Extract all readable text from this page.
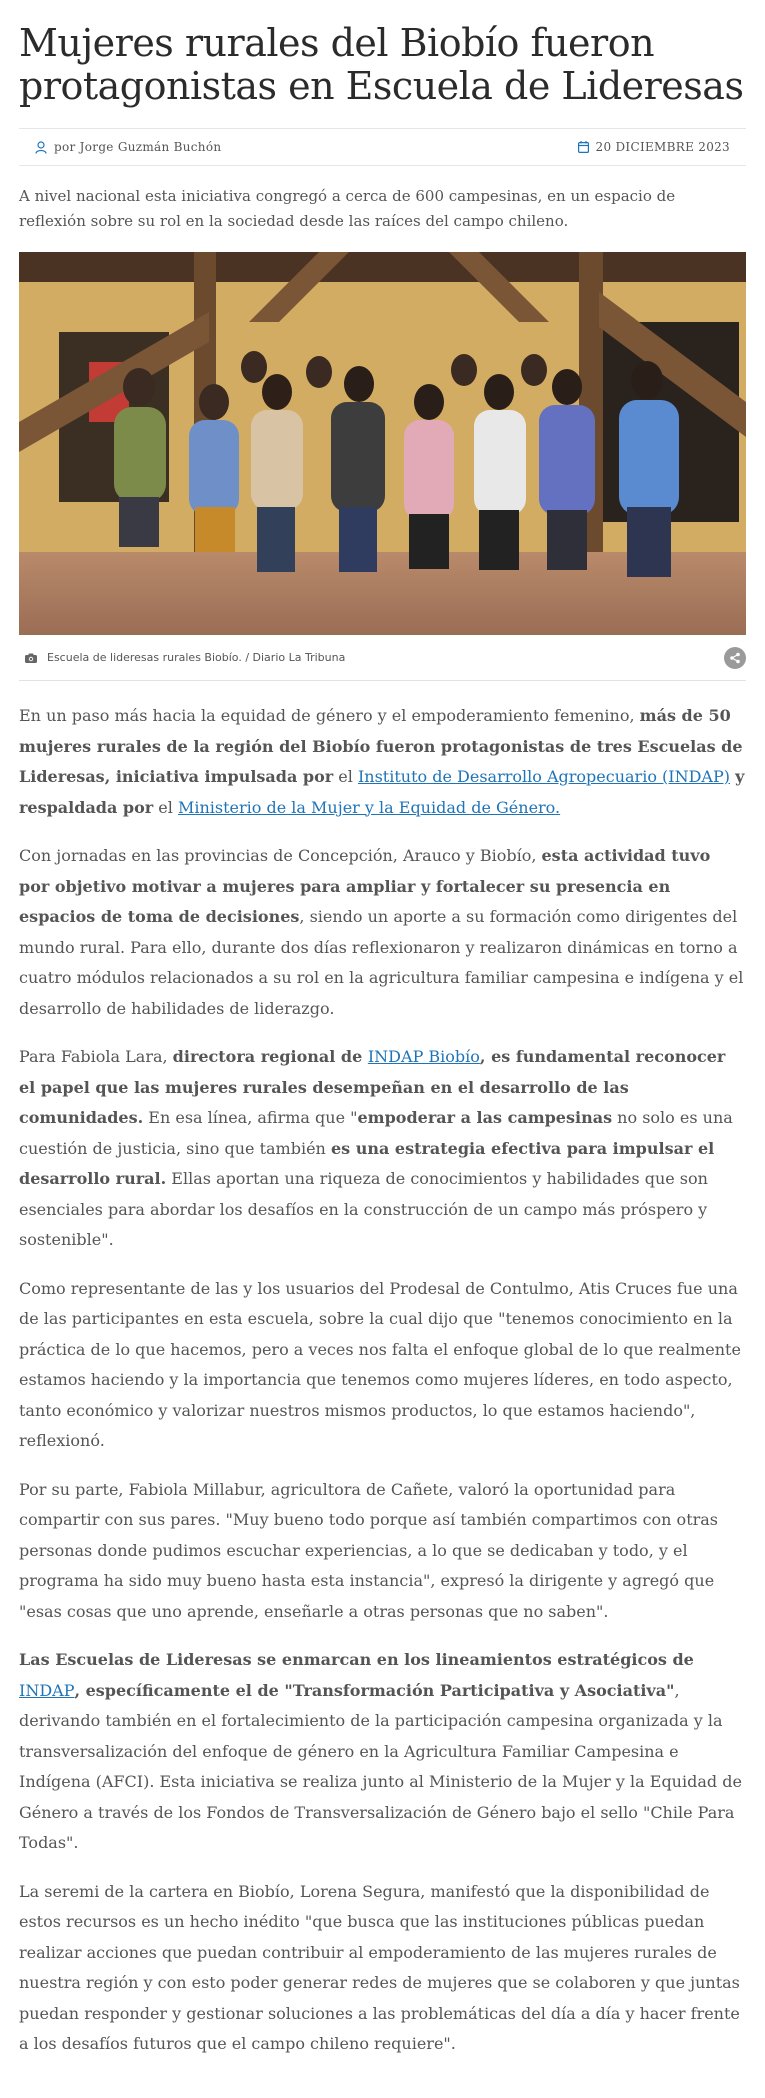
Mujeres rurales del Biobío fueron protagonistas en Escuela de Lideresas
por Jorge Guzmán Buchón	20 DICIEMBRE 2023

A nivel nacional esta iniciativa congregó a cerca de 600 campesinas, en un espacio de reflexión sobre su rol en la sociedad desde las raíces del campo chileno.

Escuela de lideresas rurales Biobío. / Diario La Tribuna

En un paso más hacia la equidad de género y el empoderamiento femenino, más de 50 mujeres rurales de la región del Biobío fueron protagonistas de tres Escuelas de Lideresas, iniciativa impulsada por el Instituto de Desarrollo Agropecuario (INDAP) y respaldada por el Ministerio de la Mujer y la Equidad de Género.

Con jornadas en las provincias de Concepción, Arauco y Biobío, esta actividad tuvo por objetivo motivar a mujeres para ampliar y fortalecer su presencia en espacios de toma de decisiones, siendo un aporte a su formación como dirigentes del mundo rural. Para ello, durante dos días reflexionaron y realizaron dinámicas en torno a cuatro módulos relacionados a su rol en la agricultura familiar campesina e indígena y el desarrollo de habilidades de liderazgo.

Para Fabiola Lara, directora regional de INDAP Biobío, es fundamental reconocer el papel que las mujeres rurales desempeñan en el desarrollo de las comunidades. En esa línea, afirma que "empoderar a las campesinas no solo es una cuestión de justicia, sino que también es una estrategia efectiva para impulsar el desarrollo rural. Ellas aportan una riqueza de conocimientos y habilidades que son esenciales para abordar los desafíos en la construcción de un campo más próspero y sostenible".

Como representante de las y los usuarios del Prodesal de Contulmo, Atis Cruces fue una de las participantes en esta escuela, sobre la cual dijo que "tenemos conocimiento en la práctica de lo que hacemos, pero a veces nos falta el enfoque global de lo que realmente estamos haciendo y la importancia que tenemos como mujeres líderes, en todo aspecto, tanto económico y valorizar nuestros mismos productos, lo que estamos haciendo", reflexionó.

Por su parte, Fabiola Millabur, agricultora de Cañete, valoró la oportunidad para compartir con sus pares. "Muy bueno todo porque así también compartimos con otras personas donde pudimos escuchar experiencias, a lo que se dedicaban y todo, y el programa ha sido muy bueno hasta esta instancia", expresó la dirigente y agregó que "esas cosas que uno aprende, enseñarle a otras personas que no saben".

Las Escuelas de Lideresas se enmarcan en los lineamientos estratégicos de INDAP, específicamente el de "Transformación Participativa y Asociativa", derivando también en el fortalecimiento de la participación campesina organizada y la transversalización del enfoque de género en la Agricultura Familiar Campesina e Indígena (AFCI). Esta iniciativa se realiza junto al Ministerio de la Mujer y la Equidad de Género a través de los Fondos de Transversalización de Género bajo el sello "Chile Para Todas".

La seremi de la cartera en Biobío, Lorena Segura, manifestó que la disponibilidad de estos recursos es un hecho inédito "que busca que las instituciones públicas puedan realizar acciones que puedan contribuir al empoderamiento de las mujeres rurales de nuestra región y con esto poder generar redes de mujeres que se colaboren y que juntas puedan responder y gestionar soluciones a las problemáticas del día a día y hacer frente a los desafíos futuros que el campo chileno requiere".
